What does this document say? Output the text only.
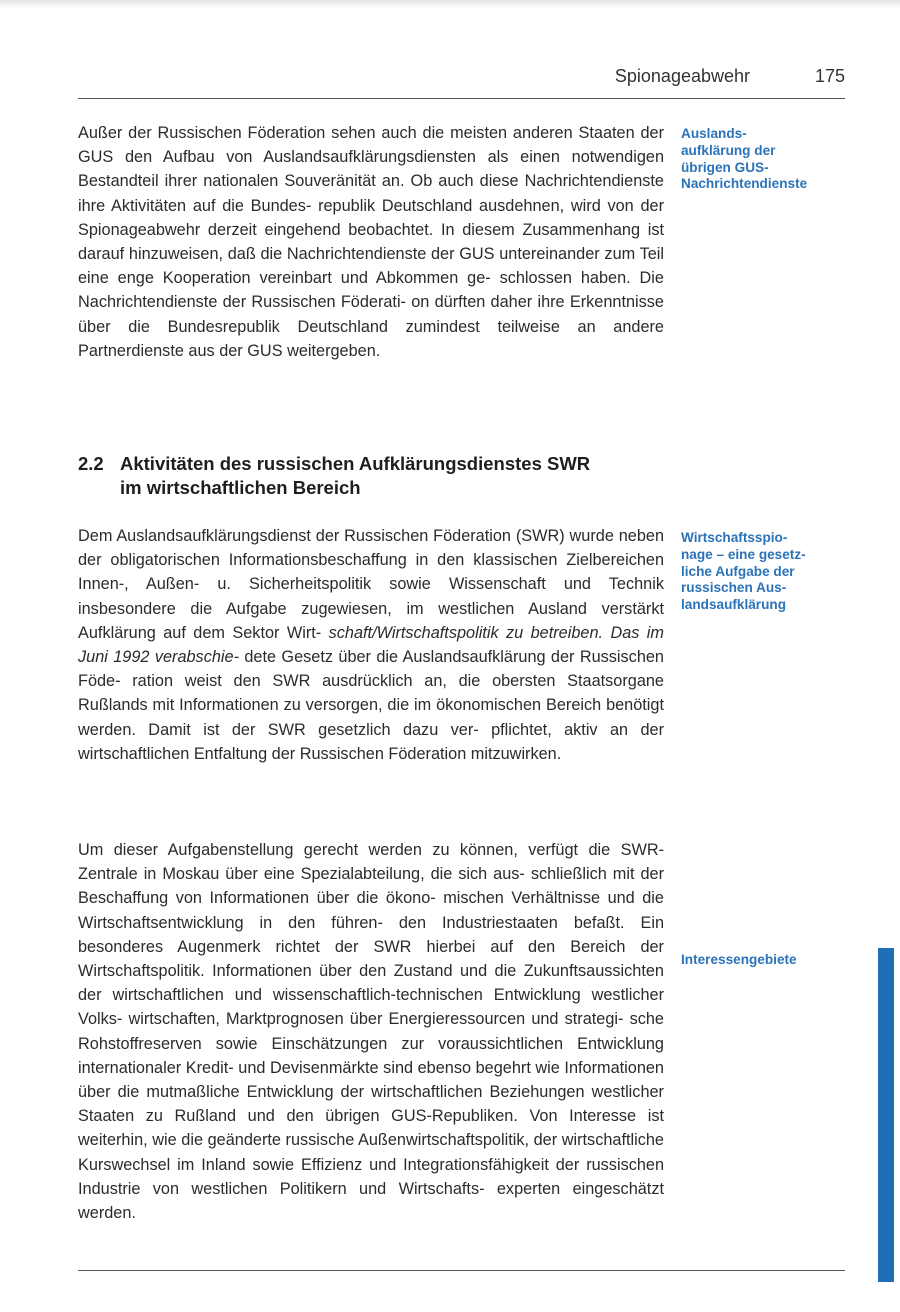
Spionageabwehr	175

Außer der Russischen Föderation sehen auch die meisten anderen Staaten der GUS den Aufbau von Auslandsaufklärungsdiensten als einen notwendigen Bestandteil ihrer nationalen Souveränität an. Ob auch diese Nachrichtendienste ihre Aktivitäten auf die Bundes- republik Deutschland ausdehnen, wird von der Spionageabwehr derzeit eingehend beobachtet. In diesem Zusammenhang ist darauf hinzuweisen, daß die Nachrichtendienste der GUS untereinander zum Teil eine enge Kooperation vereinbart und Abkommen ge- schlossen haben. Die Nachrichtendienste der Russischen Föderati- on dürften daher ihre Erkenntnisse über die Bundesrepublik Deutschland zumindest teilweise an andere Partnerdienste aus der GUS weitergeben.

2.2 Aktivitäten des russischen Aufklärungsdienstes SWR
im wirtschaftlichen Bereich

Dem Auslandsaufklärungsdienst der Russischen Föderation (SWR) wurde neben der obligatorischen Informationsbeschaffung in den klassischen Zielbereichen Innen-, Außen- u. Sicherheitspolitik sowie Wissenschaft und Technik insbesondere die Aufgabe zugewiesen, im westlichen Ausland verstärkt Aufklärung auf dem Sektor Wirt- schaft/Wirtschaftspolitik zu betreiben. Das im Juni 1992 verabschie- dete Gesetz über die Auslandsaufklärung der Russischen Föde- ration weist den SWR ausdrücklich an, die obersten Staatsorgane Rußlands mit Informationen zu versorgen, die im ökonomischen Bereich benötigt werden. Damit ist der SWR gesetzlich dazu ver- pflichtet, aktiv an der wirtschaftlichen Entfaltung der Russischen Föderation mitzuwirken.

Um dieser Aufgabenstellung gerecht werden zu können, verfügt die SWR-Zentrale in Moskau über eine Spezialabteilung, die sich aus- schließlich mit der Beschaffung von Informationen über die ökono- mischen Verhältnisse und die Wirtschaftsentwicklung in den führen- den Industriestaaten befaßt. Ein besonderes Augenmerk richtet der SWR hierbei auf den Bereich der Wirtschaftspolitik. Informationen über den Zustand und die Zukunftsaussichten der wirtschaftlichen und wissenschaftlich-technischen Entwicklung westlicher Volks- wirtschaften, Marktprognosen über Energieressourcen und strategi- sche Rohstoffreserven sowie Einschätzungen zur voraussichtlichen Entwicklung internationaler Kredit- und Devisenmärkte sind ebenso begehrt wie Informationen über die mutmaßliche Entwicklung der wirtschaftlichen Beziehungen westlicher Staaten zu Rußland und den übrigen GUS-Republiken. Von Interesse ist weiterhin, wie die geänderte russische Außenwirtschaftspolitik, der wirtschaftliche Kurswechsel im Inland sowie Effizienz und Integrationsfähigkeit der russischen Industrie von westlichen Politikern und Wirtschafts- experten eingeschätzt werden.

Auslands-
aufklärung der
übrigen GUS-
Nachrichtendienste

Wirtschaftsspio-
nage – eine gesetz-
liche Aufgabe der
russischen Aus-
landsaufklärung

Interessengebiete
